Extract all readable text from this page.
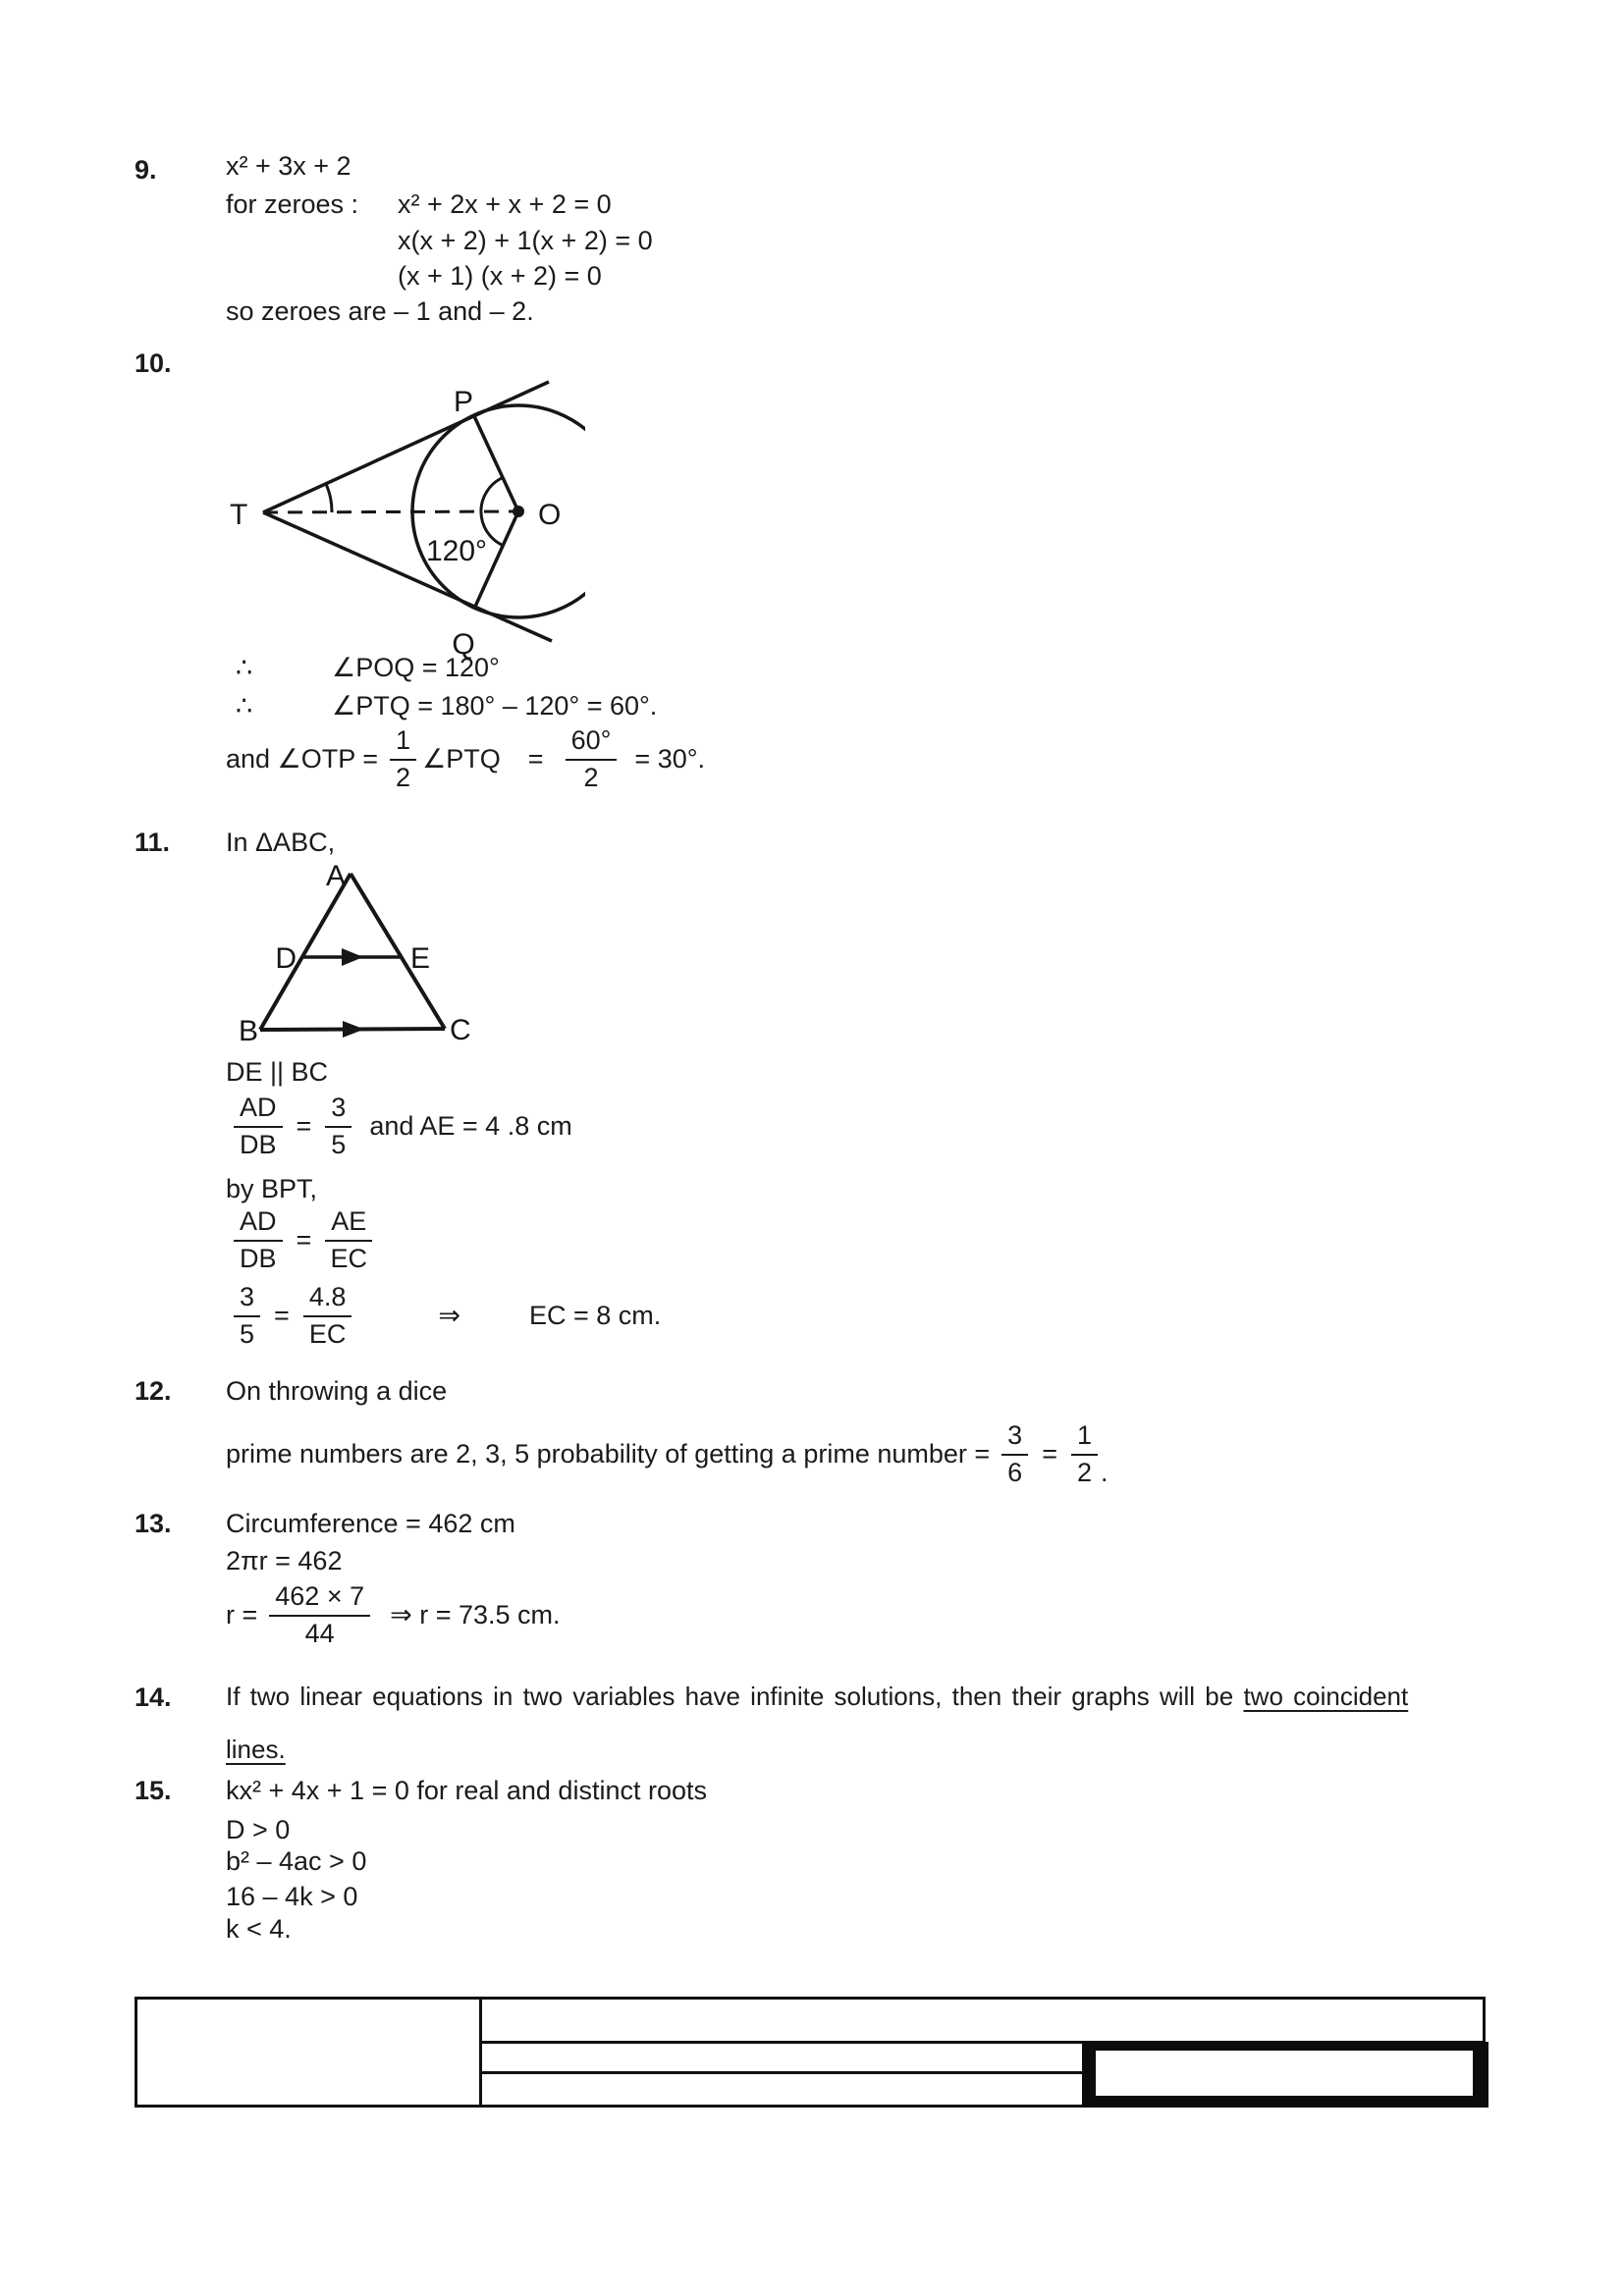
9.	x² + 3x + 2
for zeroes : x² + 2x + x + 2 = 0
x(x + 2) + 1(x + 2) = 0
(x + 1) (x + 2) = 0
so zeroes are – 1 and – 2.
10.
P
T	O
Q
120°
∴	∠POQ = 120°
∴	∠PTQ = 180° – 120° = 60°.
and ∠OTP = $\frac{1}{2}$ ∠PTQ = $\frac{60^\circ}{2} = 30^\circ$.
11. In ΔABC,
A
B	C
D	E
DE || BC
$\frac{AD}{DB} = \frac{3}{5}$ and AE = 4 .8 cm
by BPT,
$\frac{AD}{DB} = \frac{AE}{EC}$
$\frac{3}{5} = \frac{4.8}{EC}$	⇒	EC = 8 cm.
12. On throwing a dice
prime numbers are 2, 3, 5 probability of getting a prime number = $\frac{3}{6} = \frac{1}{2}$ .
13. Circumference = 462 cm
2πr = 462
$r = \frac{462 \times 7}{44}$ ⇒ r = 73.5 cm.
14. If two linear equations in two variables have infinite solutions, then their graphs will be two coincident
lines.
15. kx² + 4x + 1 = 0 for real and distinct roots
D > 0
b² – 4ac > 0
16 – 4k > 0
k < 4.
